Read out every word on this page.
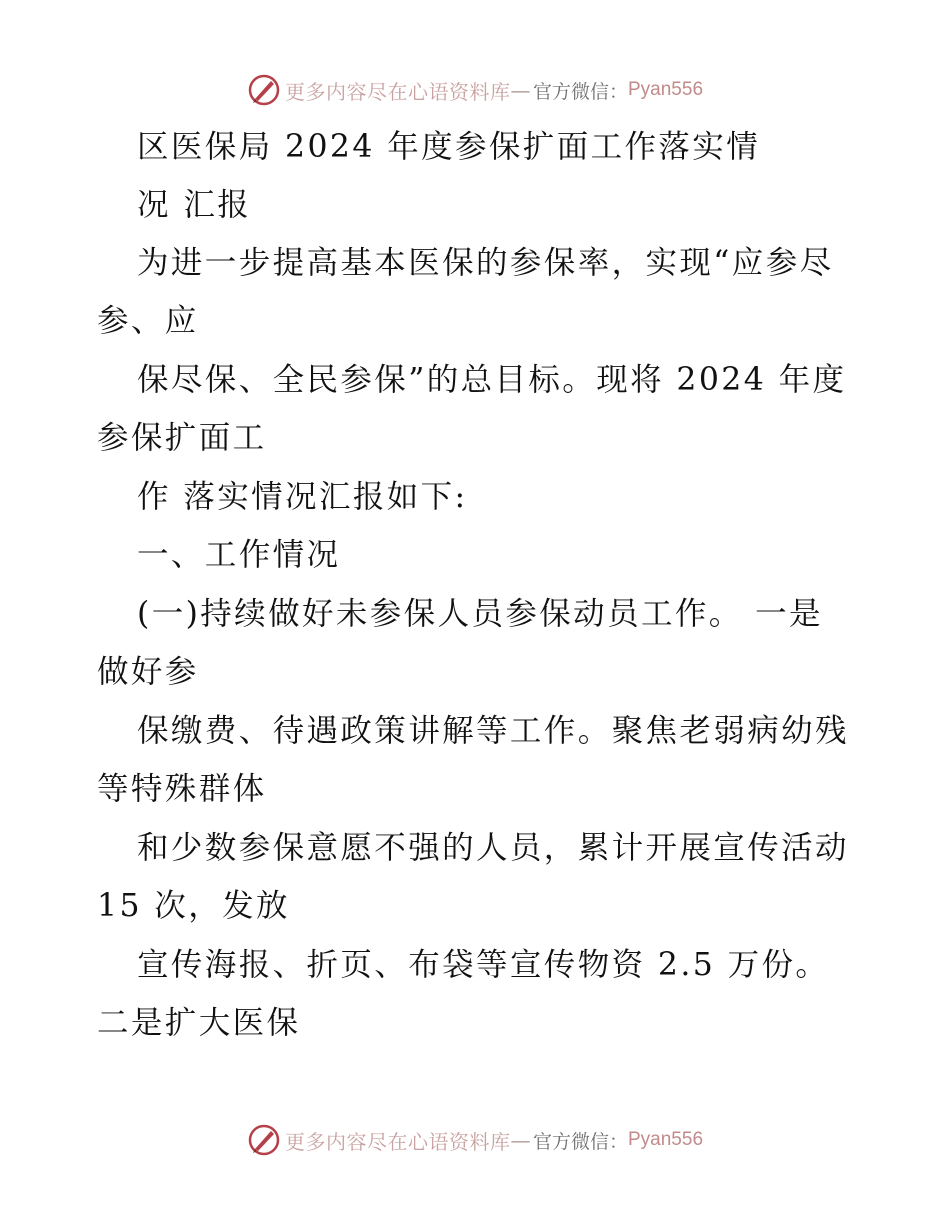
更多内容尽在心语资料库 — 官方微信： Pyan556
区医保局 2024 年度参保扩面工作落实情
况 汇报
为进一步提高基本医保的参保率，实现“应参尽
参、应
保尽保、全民参保”的总目标。现将 2024 年度
参保扩面工
作 落实情况汇报如下:
一、工作情况
(一)持续做好未参保人员参保动员工作。 一是
做好参
保缴费、待遇政策讲解等工作。聚焦老弱病幼残
等特殊群体
和少数参保意愿不强的人员，累计开展宣传活动
15 次，发放
宣传海报、折页、布袋等宣传物资 2.5 万份。
二是扩大医保
更多内容尽在心语资料库 — 官方微信： Pyan556
